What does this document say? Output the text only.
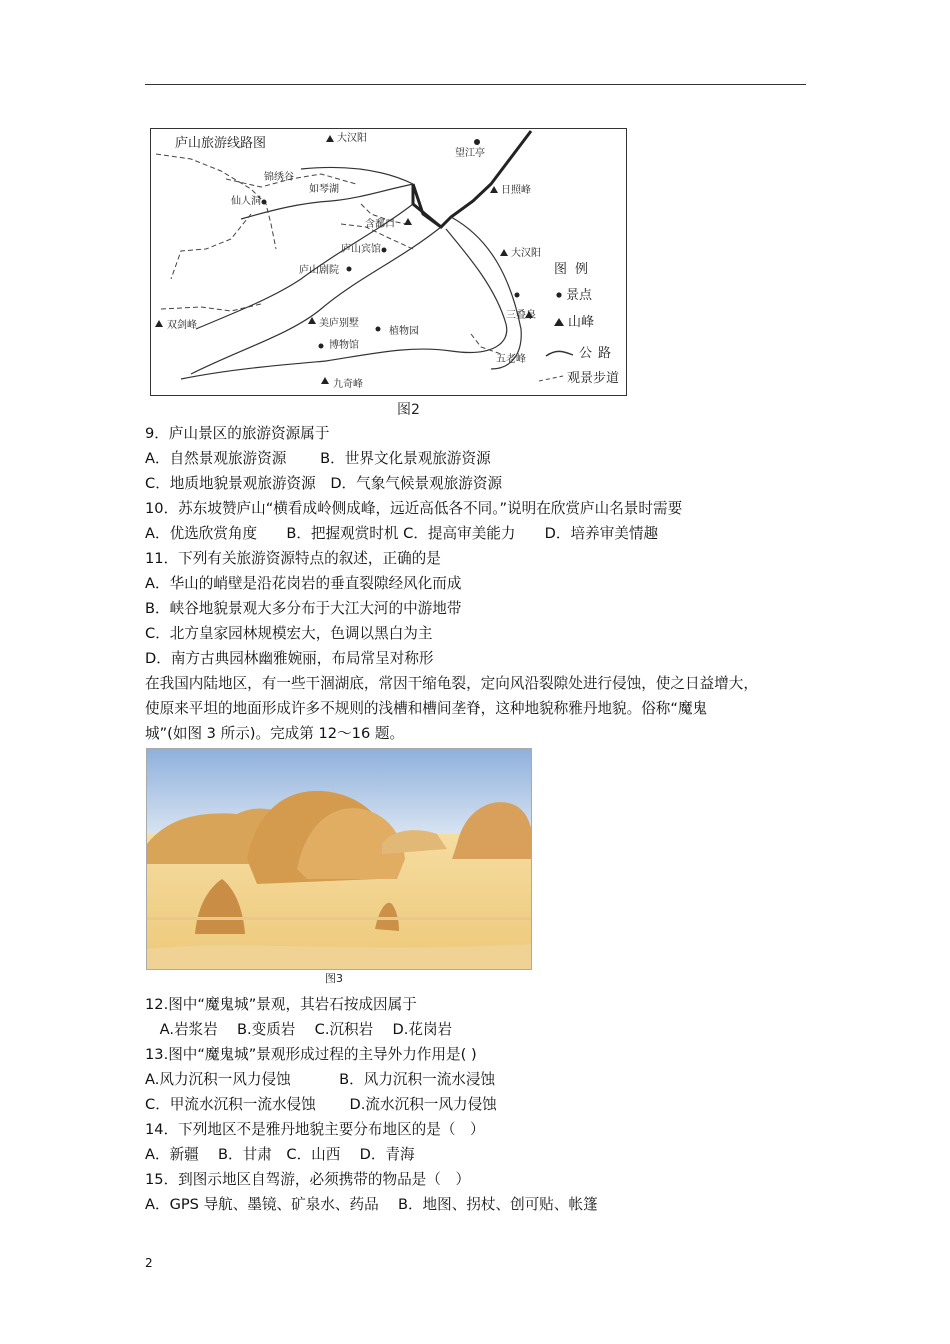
庐山旅游线路图	大汉阳
望江亭
锦绣谷
如琴湖
仙人洞
日照峰
含鄱口
庐山宾馆	大汉阳
庐山剧院
三叠泉
双剑峰	美庐别墅
植物园
博物馆
五老峰
九奇峰
图例
景点
山峰
公路
观景步道
图2
9．庐山景区的旅游资源属于
A．自然景观旅游资源　　 B．世界文化景观旅游资源
C．地质地貌景观旅游资源　D．气象气候景观旅游资源
10．苏东坡赞庐山“横看成岭侧成峰，远近高低各不同。”说明在欣赏庐山名景时需要
A．优选欣赏角度　　B．把握观赏时机 C．提高审美能力　　D．培养审美情趣
11．下列有关旅游资源特点的叙述，正确的是
A．华山的峭壁是沿花岗岩的垂直裂隙经风化而成
B．峡谷地貌景观大多分布于大江大河的中游地带
C．北方皇家园林规模宏大，色调以黑白为主
D．南方古典园林幽雅婉丽，布局常呈对称形
在我国内陆地区，有一些干涸湖底，常因干缩龟裂，定向风沿裂隙处进行侵蚀，使之日益增大，
使原来平坦的地面形成许多不规则的浅槽和槽间垄脊，这种地貌称雅丹地貌。俗称“魔鬼
城”(如图 3 所示)。完成第 12～16 题。
图3
12.图中“魔鬼城”景观，其岩石按成因属于
　A.岩浆岩　 B.变质岩　 C.沉积岩　 D.花岗岩
13.图中“魔鬼城”景观形成过程的主导外力作用是( )
A.风力沉积一风力侵蚀　　　 B．风力沉积一流水浸蚀
C．甲流水沉积一流水侵蚀　　 D.流水沉积一风力侵蚀
14．下列地区不是雅丹地貌主要分布地区的是（　）
A．新疆　 B．甘肃　C．山西　 D．青海
15．到图示地区自驾游，必须携带的物品是（　）
A．GPS 导航、墨镜、矿泉水、药品　 B．地图、拐杖、创可贴、帐篷
2
